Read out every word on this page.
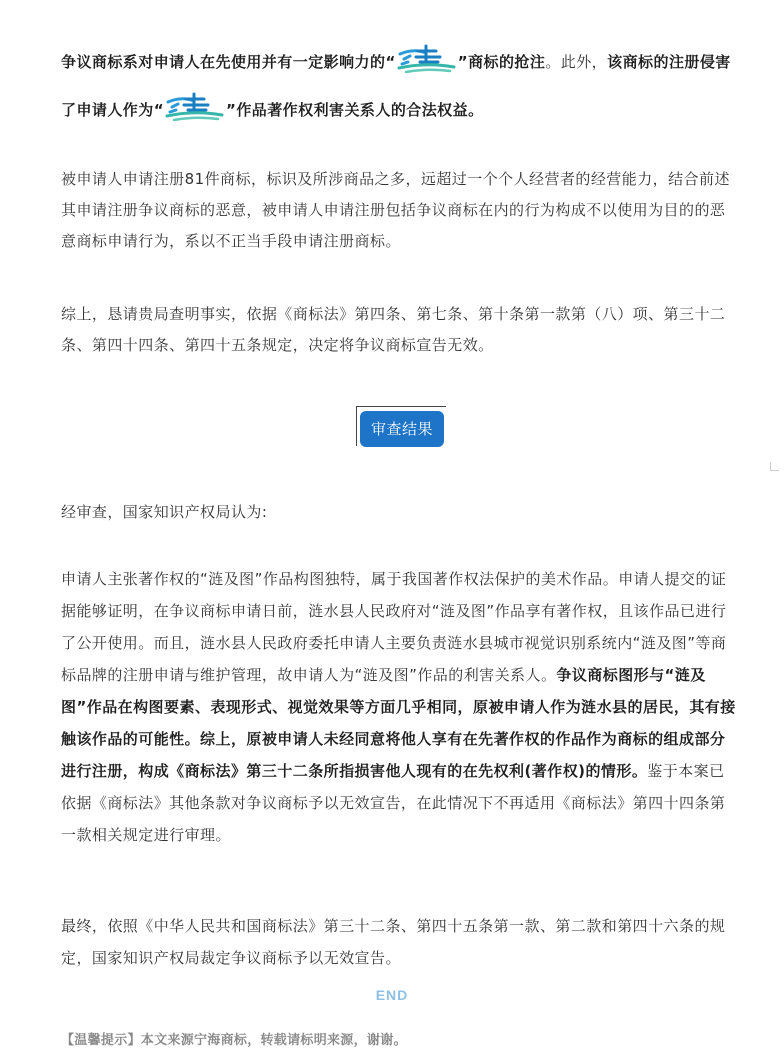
争议商标系对申请人在先使用并有一定影响力的“	”商标的抢注。此外，该商标的注册侵害了申请人作为“	”作品著作权利害关系人的合法权益。

被申请人申请注册81件商标，标识及所涉商品之多，远超过一个个人经营者的经营能力，结合前述其申请注册争议商标的恶意，被申请人申请注册包括争议商标在内的行为构成不以使用为目的的恶意商标申请行为，系以不正当手段申请注册商标。

综上，恳请贵局查明事实，依据《商标法》第四条、第七条、第十条第一款第（八）项、第三十二条、第四十四条、第四十五条规定，决定将争议商标宣告无效。

审查结果

经审查，国家知识产权局认为:

申请人主张著作权的“涟及图”作品构图独特，属于我国著作权法保护的美术作品。申请人提交的证据能够证明，在争议商标申请日前，涟水县人民政府对“涟及图”作品享有著作权，且该作品已进行了公开使用。而且，涟水县人民政府委托申请人主要负责涟水县城市视觉识别系统内“涟及图”等商标品牌的注册申请与维护管理，故申请人为“涟及图”作品的利害关系人。争议商标图形与“涟及图”作品在构图要素、表现形式、视觉效果等方面几乎相同，原被申请人作为涟水县的居民，其有接触该作品的可能性。综上，原被申请人未经同意将他人享有在先著作权的作品作为商标的组成部分进行注册，构成《商标法》第三十二条所指损害他人现有的在先权利(著作权)的情形。鉴于本案已依据《商标法》其他条款对争议商标予以无效宣告，在此情况下不再适用《商标法》第四十四条第一款相关规定进行审理。

最终，依照《中华人民共和国商标法》第三十二条、第四十五条第一款、第二款和第四十六条的规定，国家知识产权局裁定争议商标予以无效宣告。

END
【温馨提示】本文来源宁海商标，转载请标明来源，谢谢。
